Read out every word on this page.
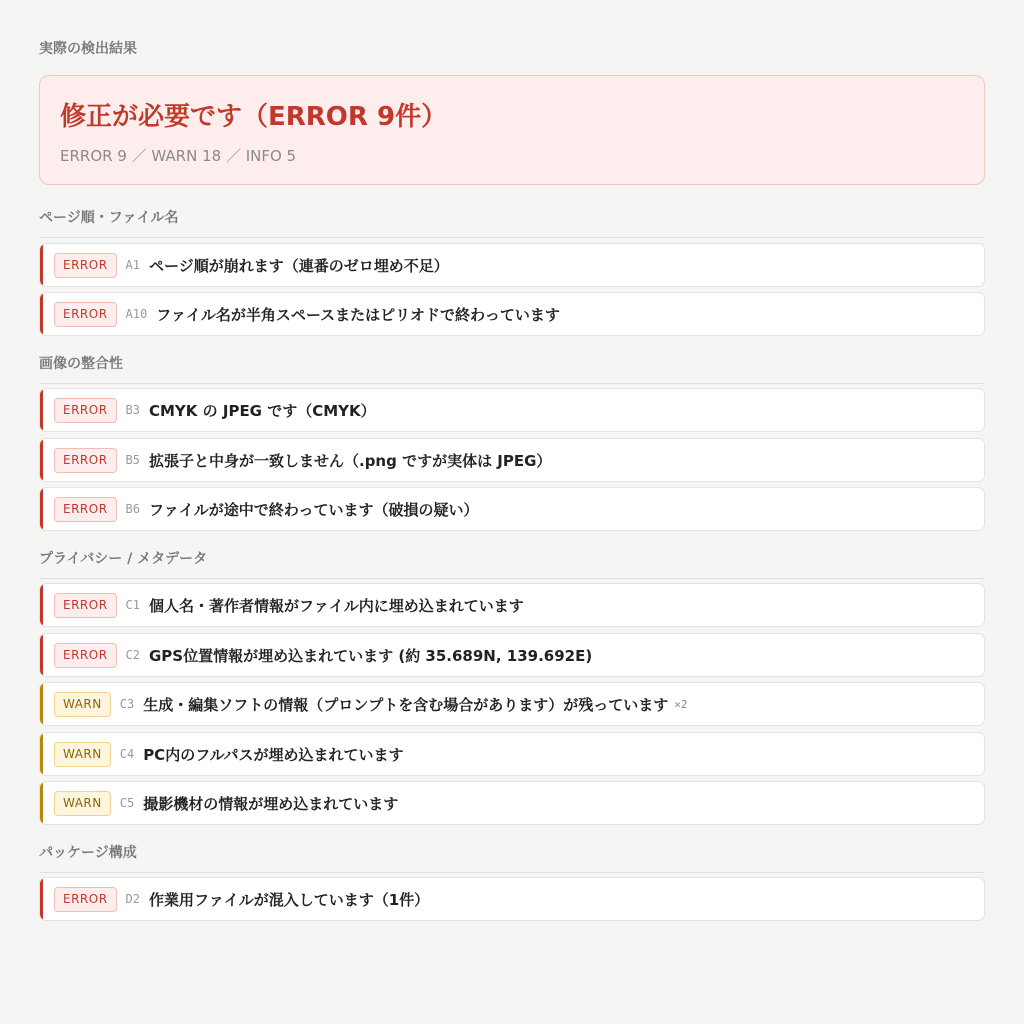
実際の検出結果
修正が必要です（ERROR 9件）
ERROR 9 ／ WARN 18 ／ INFO 5
ページ順・ファイル名
ERROR	A1 ページ順が崩れます（連番のゼロ埋め不足）
ERROR	A10 ファイル名が半角スペースまたはピリオドで終わっています
画像の整合性
ERROR	B3 CMYK の JPEG です（CMYK）
ERROR	B5 拡張子と中身が一致しません（.png ですが実体は JPEG）
ERROR	B6 ファイルが途中で終わっています（破損の疑い）
プライバシー / メタデータ
ERROR	C1 個人名・著作者情報がファイル内に埋め込まれています
ERROR	C2 GPS位置情報が埋め込まれています (約 35.689N, 139.692E)
WARN	C3 生成・編集ソフトの情報（プロンプトを含む場合があります）が残っています ×2
WARN	C4 PC内のフルパスが埋め込まれています
WARN	C5 撮影機材の情報が埋め込まれています
パッケージ構成
ERROR	D2 作業用ファイルが混入しています（1件）
